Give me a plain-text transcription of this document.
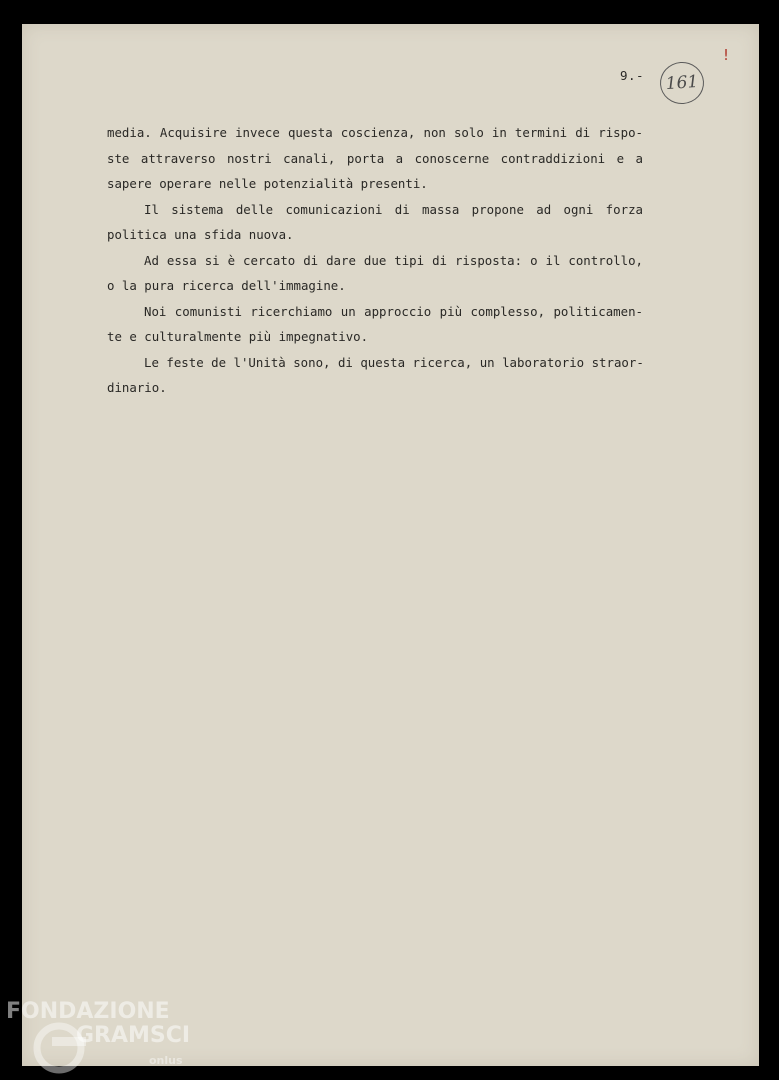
9.-	161
!

media. Acquisire invece questa coscienza, non solo in termini di rispo-
ste attraverso nostri canali, porta a conoscerne contraddizioni e a
sapere operare nelle potenzialità presenti.

Il sistema delle comunicazioni di massa propone ad ogni forza
politica una sfida nuova.

Ad essa si è cercato di dare due tipi di risposta: o il controllo,
o la pura ricerca dell'immagine.

Noi comunisti ricerchiamo un approccio più complesso, politicamen-
te e culturalmente più impegnativo.

Le feste de l'Unità sono, di questa ricerca, un laboratorio straor-
dinario.

FONDAZIONE
GRAMSCI
onlus
